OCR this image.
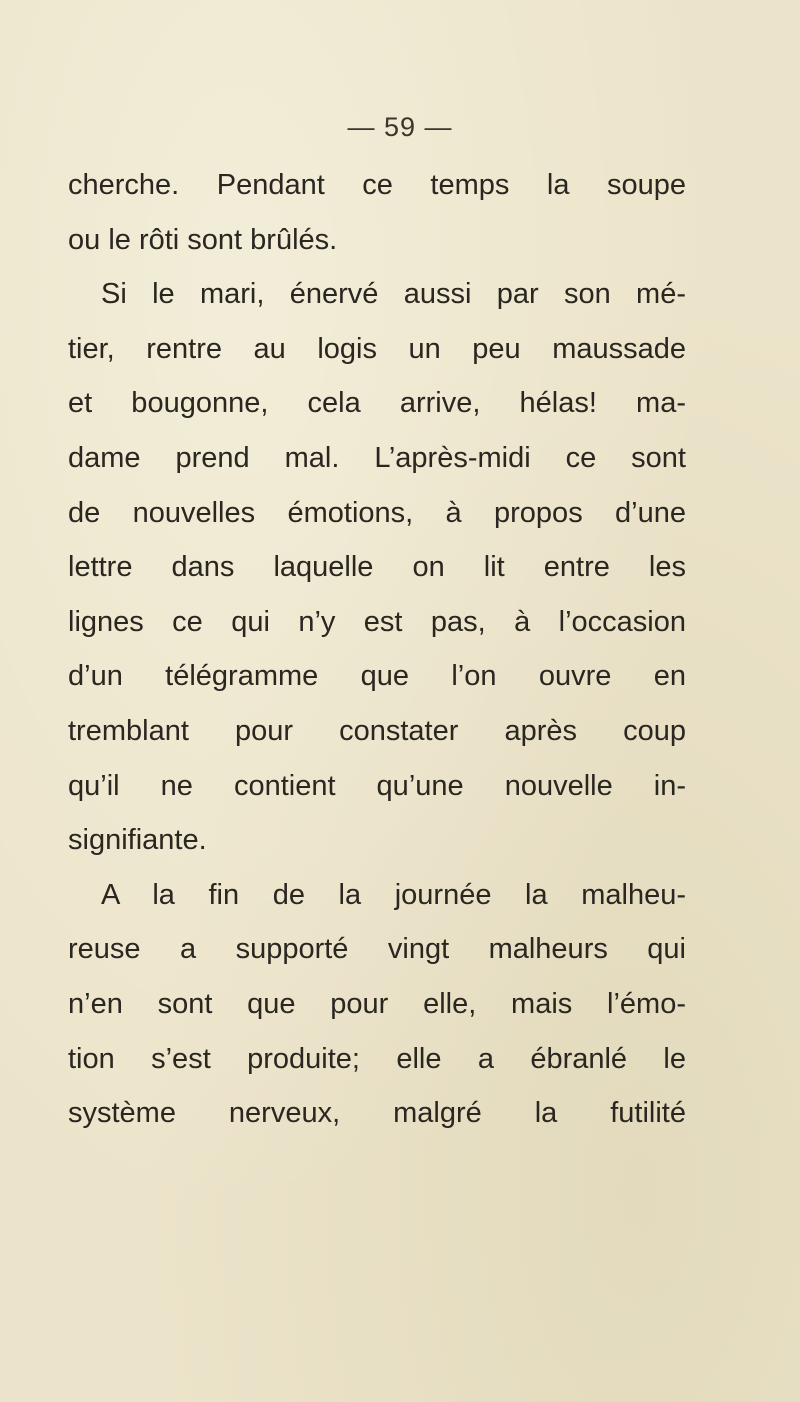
— 59 —
cherche. Pendant ce temps la soupe
ou le rôti sont brûlés.
Si le mari, énervé aussi par son mé-
tier, rentre au logis un peu maussade
et bougonne, cela arrive, hélas! ma-
dame prend mal. L’après-midi ce sont
de nouvelles émotions, à propos d’une
lettre dans laquelle on lit entre les
lignes ce qui n’y est pas, à l’occasion
d’un télégramme que l’on ouvre en
tremblant pour constater après coup
qu’il ne contient qu’une nouvelle in-
signifiante.
A la fin de la journée la malheu-
reuse a supporté vingt malheurs qui
n’en sont que pour elle, mais l’émo-
tion s’est produite; elle a ébranlé le
système nerveux, malgré la futilité
